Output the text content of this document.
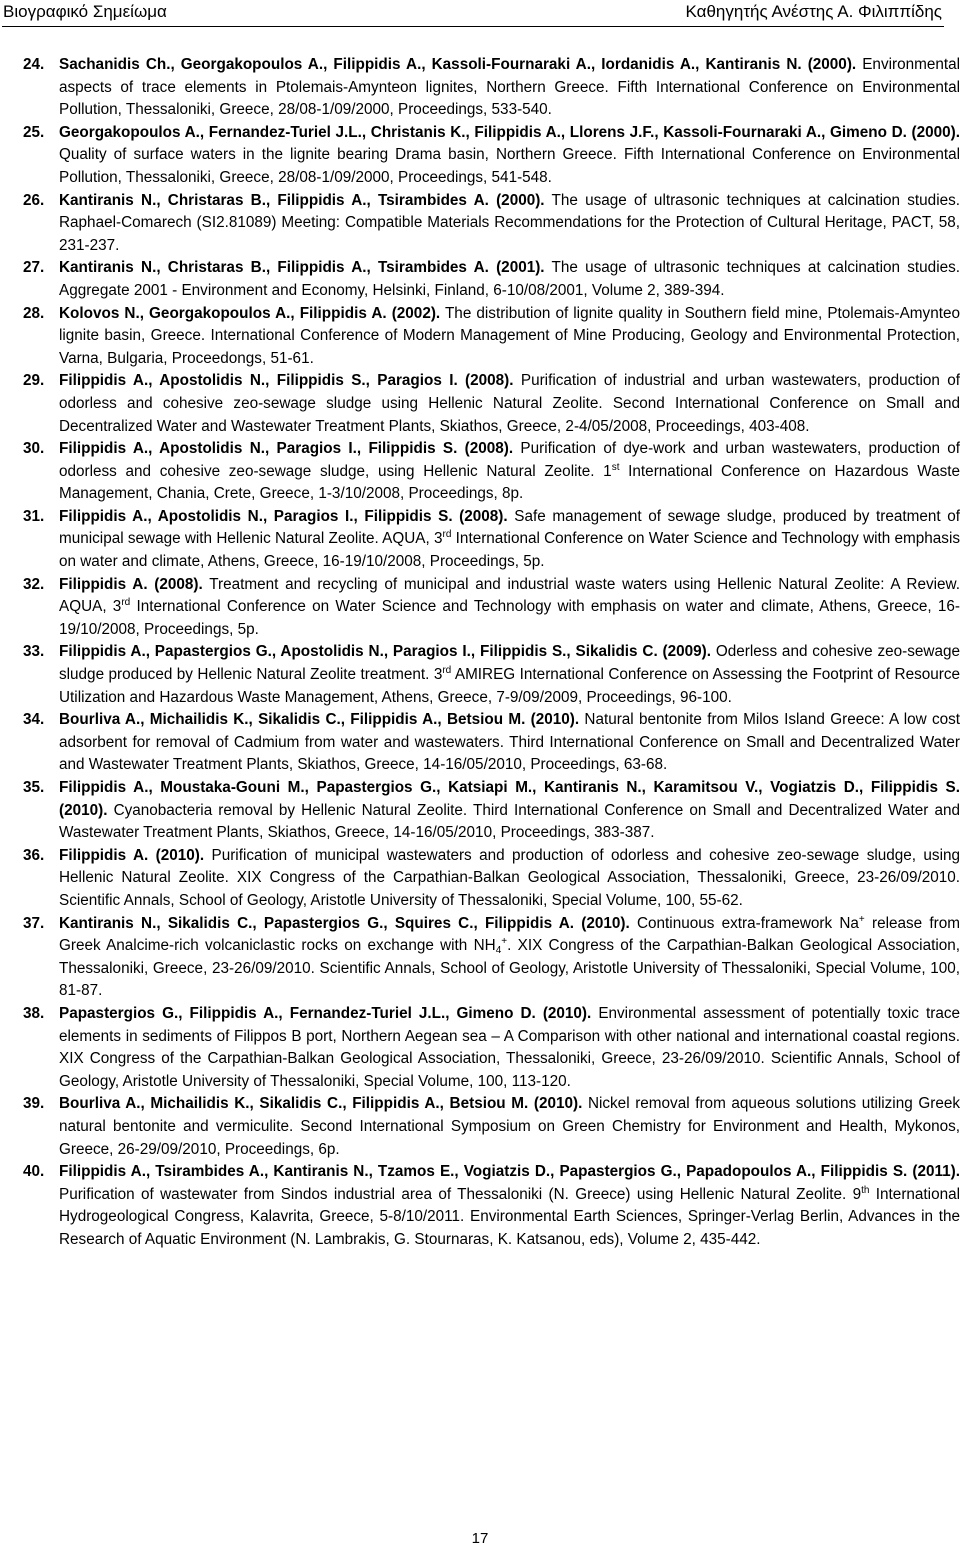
Βιογραφικό Σημείωμα	Καθηγητής Ανέστης Α. Φιλιππίδης
24. Sachanidis Ch., Georgakopoulos A., Filippidis A., Kassoli-Fournaraki A., Iordanidis A., Kantiranis N. (2000). Environmental aspects of trace elements in Ptolemais-Amynteon lignites, Northern Greece. Fifth International Conference on Environmental Pollution, Thessaloniki, Greece, 28/08-1/09/2000, Proceedings, 533-540.
25. Georgakopoulos A., Fernandez-Turiel J.L., Christanis K., Filippidis A., Llorens J.F., Kassoli-Fournaraki A., Gimeno D. (2000). Quality of surface waters in the lignite bearing Drama basin, Northern Greece. Fifth International Conference on Environmental Pollution, Thessaloniki, Greece, 28/08-1/09/2000, Proceedings, 541-548.
26. Kantiranis N., Christaras B., Filippidis A., Tsirambides A. (2000). The usage of ultrasonic techniques at calcination studies. Raphael-Comarech (SI2.81089) Meeting: Compatible Materials Recommendations for the Protection of Cultural Heritage, PACT, 58, 231-237.
27. Kantiranis N., Christaras B., Filippidis A., Tsirambides A. (2001). The usage of ultrasonic techniques at calcination studies. Aggregate 2001 - Environment and Economy, Helsinki, Finland, 6-10/08/2001, Volume 2, 389-394.
28. Kolovos N., Georgakopoulos A., Filippidis A. (2002). The distribution of lignite quality in Southern field mine, Ptolemais-Amynteo lignite basin, Greece. International Conference of Modern Management of Mine Producing, Geology and Environmental Protection, Varna, Bulgaria, Proceedongs, 51-61.
29. Filippidis A., Apostolidis N., Filippidis S., Paragios I. (2008). Purification of industrial and urban wastewaters, production of odorless and cohesive zeo-sewage sludge using Hellenic Natural Zeolite. Second International Conference on Small and Decentralized Water and Wastewater Treatment Plants, Skiathos, Greece, 2-4/05/2008, Proceedings, 403-408.
30. Filippidis A., Apostolidis N., Paragios I., Filippidis S. (2008). Purification of dye-work and urban wastewaters, production of odorless and cohesive zeo-sewage sludge, using Hellenic Natural Zeolite. 1st International Conference on Hazardous Waste Management, Chania, Crete, Greece, 1-3/10/2008, Proceedings, 8p.
31. Filippidis A., Apostolidis N., Paragios I., Filippidis S. (2008). Safe management of sewage sludge, produced by treatment of municipal sewage with Hellenic Natural Zeolite. AQUA, 3rd International Conference on Water Science and Technology with emphasis on water and climate, Athens, Greece, 16-19/10/2008, Proceedings, 5p.
32. Filippidis A. (2008). Treatment and recycling of municipal and industrial waste waters using Hellenic Natural Zeolite: A Review. AQUA, 3rd International Conference on Water Science and Technology with emphasis on water and climate, Athens, Greece, 16-19/10/2008, Proceedings, 5p.
33. Filippidis A., Papastergios G., Apostolidis N., Paragios I., Filippidis S., Sikalidis C. (2009). Oderless and cohesive zeo-sewage sludge produced by Hellenic Natural Zeolite treatment. 3rd AMIREG International Conference on Assessing the Footprint of Resource Utilization and Hazardous Waste Management, Athens, Greece, 7-9/09/2009, Proceedings, 96-100.
34. Bourliva A., Michailidis K., Sikalidis C., Filippidis A., Betsiou M. (2010). Natural bentonite from Milos Island Greece: A low cost adsorbent for removal of Cadmium from water and wastewaters. Third International Conference on Small and Decentralized Water and Wastewater Treatment Plants, Skiathos, Greece, 14-16/05/2010, Proceedings, 63-68.
35. Filippidis A., Moustaka-Gouni M., Papastergios G., Katsiapi M., Kantiranis N., Karamitsou V., Vogiatzis D., Filippidis S. (2010). Cyanobacteria removal by Hellenic Natural Zeolite. Third International Conference on Small and Decentralized Water and Wastewater Treatment Plants, Skiathos, Greece, 14-16/05/2010, Proceedings, 383-387.
36. Filippidis A. (2010). Purification of municipal wastewaters and production of odorless and cohesive zeo-sewage sludge, using Hellenic Natural Zeolite. XIX Congress of the Carpathian-Balkan Geological Association, Thessaloniki, Greece, 23-26/09/2010. Scientific Annals, School of Geology, Aristotle University of Thessaloniki, Special Volume, 100, 55-62.
37. Kantiranis N., Sikalidis C., Papastergios G., Squires C., Filippidis A. (2010). Continuous extra-framework Na+ release from Greek Analcime-rich volcaniclastic rocks on exchange with $NH_4^+$. XIX Congress of the Carpathian-Balkan Geological Association, Thessaloniki, Greece, 23-26/09/2010. Scientific Annals, School of Geology, Aristotle University of Thessaloniki, Special Volume, 100, 81-87.
38. Papastergios G., Filippidis A., Fernandez-Turiel J.L., Gimeno D. (2010). Environmental assessment of potentially toxic trace elements in sediments of Filippos B port, Northern Aegean sea – A Comparison with other national and international coastal regions. XIX Congress of the Carpathian-Balkan Geological Association, Thessaloniki, Greece, 23-26/09/2010. Scientific Annals, School of Geology, Aristotle University of Thessaloniki, Special Volume, 100, 113-120.
39. Bourliva A., Michailidis K., Sikalidis C., Filippidis A., Betsiou M. (2010). Nickel removal from aqueous solutions utilizing Greek natural bentonite and vermiculite. Second International Symposium on Green Chemistry for Environment and Health, Mykonos, Greece, 26-29/09/2010, Proceedings, 6p.
40. Filippidis A., Tsirambides A., Kantiranis N., Tzamos E., Vogiatzis D., Papastergios G., Papadopoulos A., Filippidis S. (2011). Purification of wastewater from Sindos industrial area of Thessaloniki (N. Greece) using Hellenic Natural Zeolite. 9th International Hydrogeological Congress, Kalavrita, Greece, 5-8/10/2011. Environmental Earth Sciences, Springer-Verlag Berlin, Advances in the Research of Aquatic Environment (N. Lambrakis, G. Stournaras, K. Katsanou, eds), Volume 2, 435-442.
17
